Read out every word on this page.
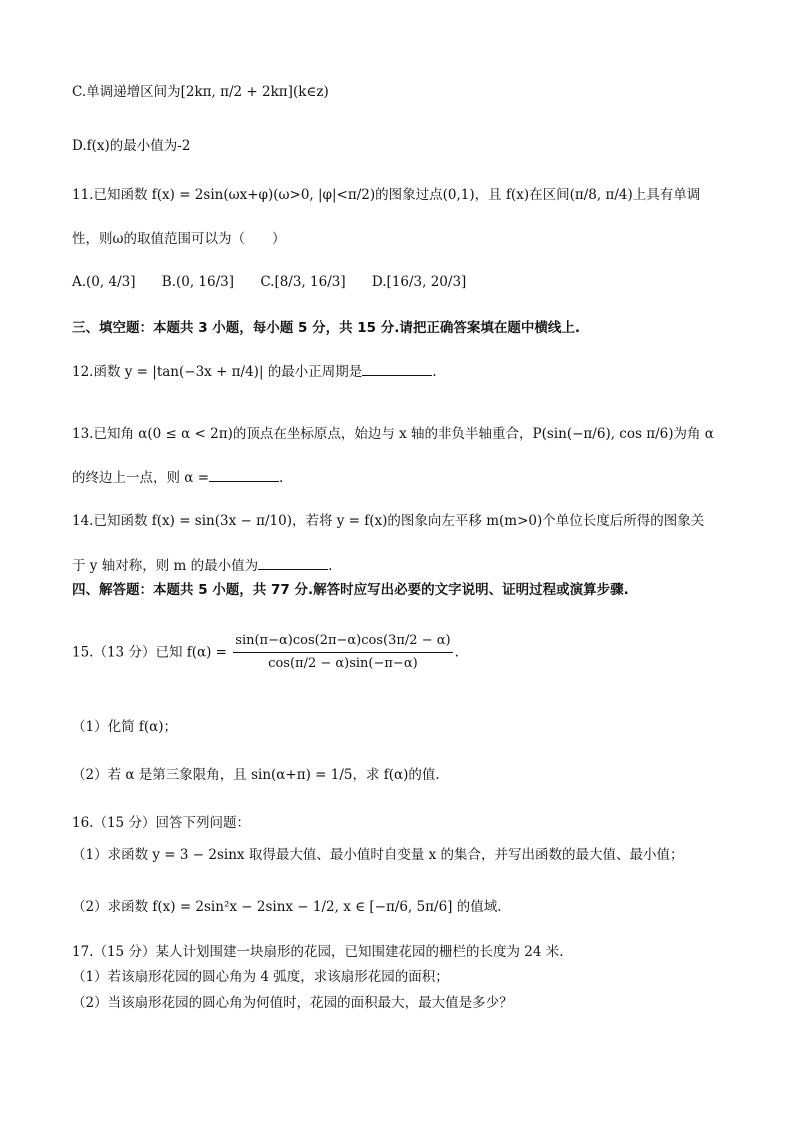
C.单调递增区间为[2kπ, π/2 + 2kπ](k∈z)
D.f(x)的最小值为-2
11.已知函数 f(x) = 2sin(ωx+φ)(ω>0, |φ|<π/2)的图象过点(0,1)，且 f(x)在区间(π/8, π/4)上具有单调
性，则ω的取值范围可以为（　　）
A.(0, 4/3] B.(0, 16/3] C.[8/3, 16/3] D.[16/3, 20/3]
三、填空题：本题共 3 小题，每小题 5 分，共 15 分.请把正确答案填在题中横线上.
12.函数 y = |tan(−3x + π/4)| 的最小正周期是	.
13.已知角 α(0 ≤ α < 2π)的顶点在坐标原点，始边与 x 轴的非负半轴重合，P(sin(−π/6), cos π/6)为角 α
的终边上一点，则 α =	.
14.已知函数 f(x) = sin(3x − π/10)，若将 y = f(x)的图象向左平移 m(m>0)个单位长度后所得的图象关
于 y 轴对称，则 m 的最小值为	.
四、解答题：本题共 5 小题，共 77 分.解答时应写出必要的文字说明、证明过程或演算步骤.
15.（13 分）已知 $f(\alpha) = \frac{\sin(\pi-\alpha)\cos(2\pi-\alpha)\cos(3\pi/2 - \alpha)}{\cos(\pi/2 - \alpha)\sin(-\pi-\alpha)}$ .
（1）化简 f(α)；
（2）若 α 是第三象限角，且 sin(α+π) = 1/5，求 f(α)的值.
16.（15 分）回答下列问题：
（1）求函数 y = 3 − 2sinx 取得最大值、最小值时自变量 x 的集合，并写出函数的最大值、最小值；
（2）求函数 f(x) = 2sin²x − 2sinx − 1/2, x ∈ [−π/6, 5π/6] 的值域.
17.（15 分）某人计划围建一块扇形的花园，已知围建花园的栅栏的长度为 24 米.
（1）若该扇形花园的圆心角为 4 弧度，求该扇形花园的面积；
（2）当该扇形花园的圆心角为何值时，花园的面积最大，最大值是多少？
